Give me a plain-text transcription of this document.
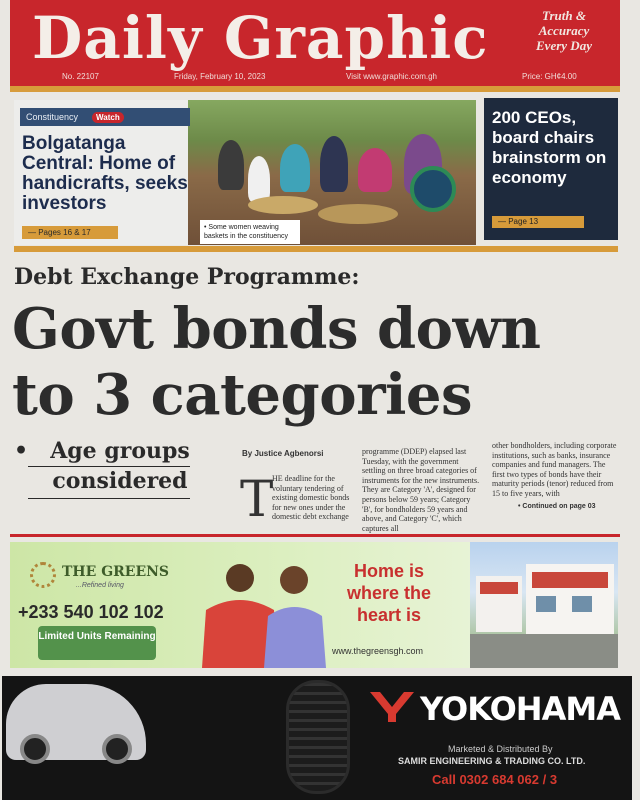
Daily Graphic	Truth & Accuracy Every Day
No. 22107	Friday, February 10, 2023	Visit www.graphic.com.gh	Price: GH¢4.00
Constituency Watch
Bolgatanga Central: Home of handicrafts, seeks investors
— Pages 16 & 17
• Some women weaving baskets in the constituency
200 CEOs, board chairs brainstorm on economy
— Page 13
Debt Exchange Programme:
Govt bonds down
to 3 categories
•	Age groups considered
By Justice Agbenorsi
T
HE deadline for the voluntary tendering of existing domestic bonds for new ones under the domestic debt exchange
programme (DDEP) elapsed last Tuesday, with the government settling on three broad categories of instruments for the new instruments. They are Category 'A', designed for persons below 59 years; Category 'B', for bondholders 59 years and above, and Category 'C', which captures all
other bondholders, including corporate institutions, such as banks, insurance companies and fund managers. The first two types of bonds have their maturity periods (tenor) reduced from 15 to five years, with

• Continued on page 03
THE GREENS
...Refined living
+233 540 102 102
Limited Units Remaining
Home is where the heart is
www.thegreensgh.com
YOKOHAMA
Marketed & Distributed By
SAMIR ENGINEERING & TRADING CO. LTD.
Call 0302 684 062 / 3
